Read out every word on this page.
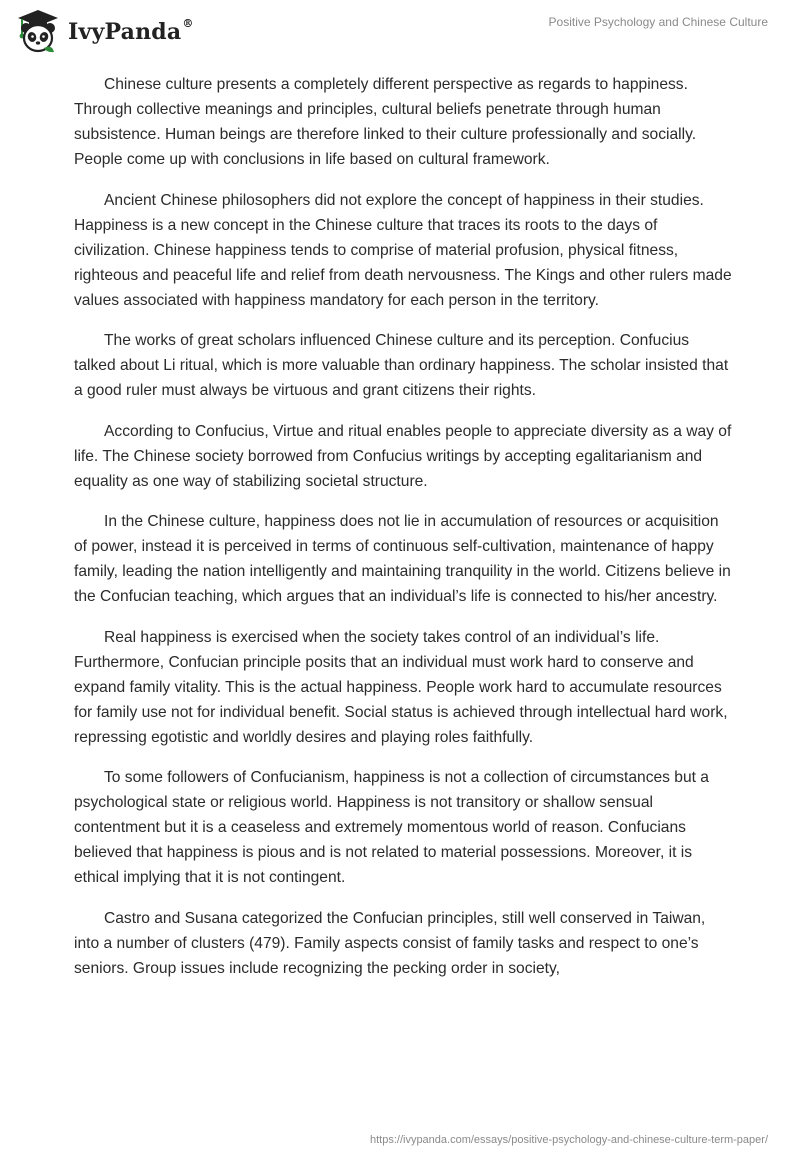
IvyPanda®	Positive Psychology and Chinese Culture

Chinese culture presents a completely different perspective as regards to happiness. Through collective meanings and principles, cultural beliefs penetrate through human subsistence. Human beings are therefore linked to their culture professionally and socially. People come up with conclusions in life based on cultural framework.

Ancient Chinese philosophers did not explore the concept of happiness in their studies. Happiness is a new concept in the Chinese culture that traces its roots to the days of civilization. Chinese happiness tends to comprise of material profusion, physical fitness, righteous and peaceful life and relief from death nervousness. The Kings and other rulers made values associated with happiness mandatory for each person in the territory.

The works of great scholars influenced Chinese culture and its perception. Confucius talked about Li ritual, which is more valuable than ordinary happiness. The scholar insisted that a good ruler must always be virtuous and grant citizens their rights.

According to Confucius, Virtue and ritual enables people to appreciate diversity as a way of life. The Chinese society borrowed from Confucius writings by accepting egalitarianism and equality as one way of stabilizing societal structure.

In the Chinese culture, happiness does not lie in accumulation of resources or acquisition of power, instead it is perceived in terms of continuous self-cultivation, maintenance of happy family, leading the nation intelligently and maintaining tranquility in the world. Citizens believe in the Confucian teaching, which argues that an individual’s life is connected to his/her ancestry.

Real happiness is exercised when the society takes control of an individual’s life. Furthermore, Confucian principle posits that an individual must work hard to conserve and expand family vitality. This is the actual happiness. People work hard to accumulate resources for family use not for individual benefit. Social status is achieved through intellectual hard work, repressing egotistic and worldly desires and playing roles faithfully.

To some followers of Confucianism, happiness is not a collection of circumstances but a psychological state or religious world. Happiness is not transitory or shallow sensual contentment but it is a ceaseless and extremely momentous world of reason. Confucians believed that happiness is pious and is not related to material possessions. Moreover, it is ethical implying that it is not contingent.

Castro and Susana categorized the Confucian principles, still well conserved in Taiwan, into a number of clusters (479). Family aspects consist of family tasks and respect to one’s seniors. Group issues include recognizing the pecking order in society,

https://ivypanda.com/essays/positive-psychology-and-chinese-culture-term-paper/
